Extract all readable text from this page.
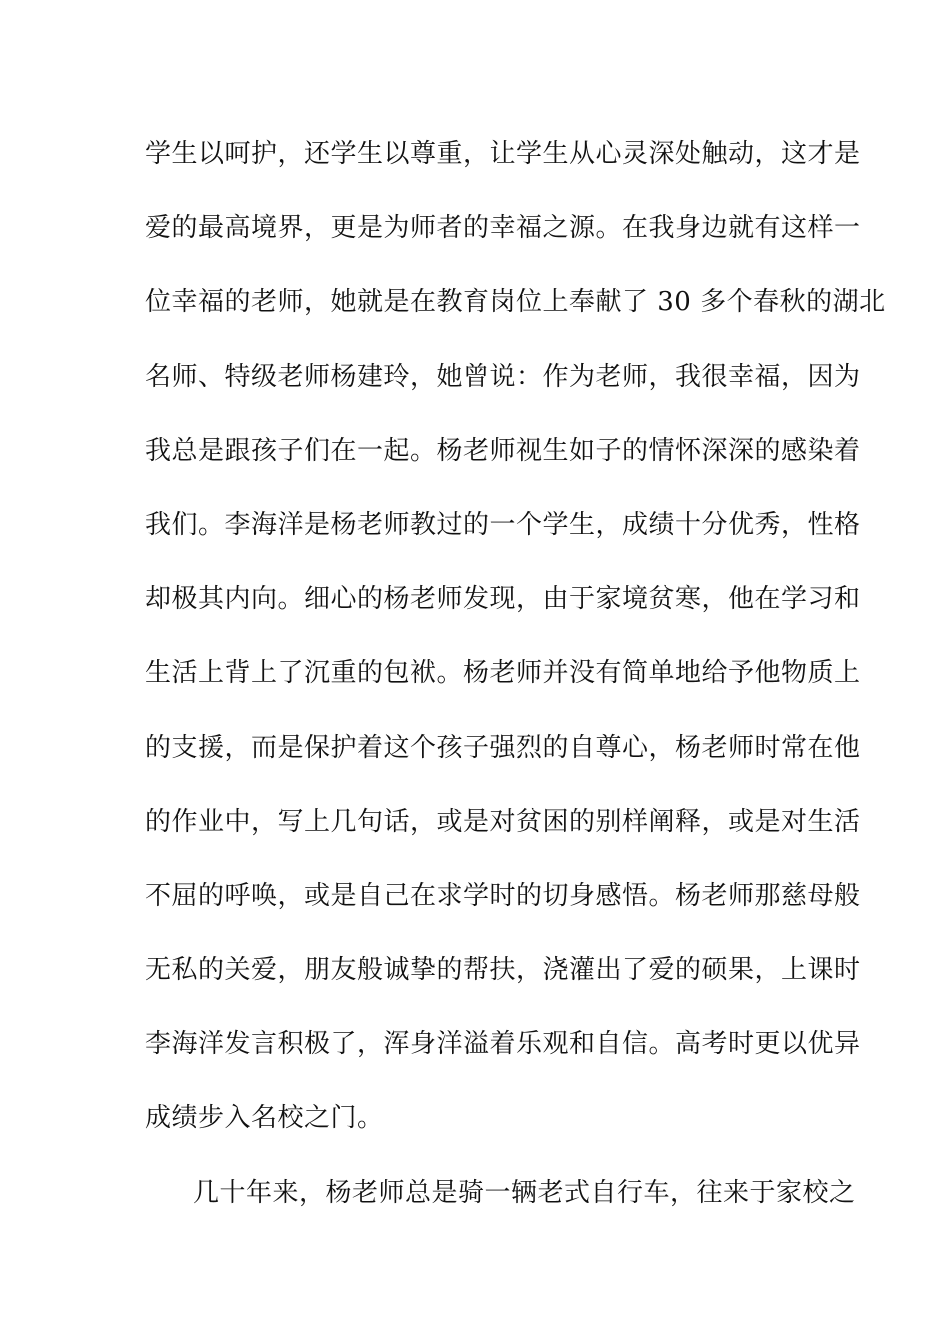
学生以呵护，还学生以尊重，让学生从心灵深处触动，这才是
爱的最高境界，更是为师者的幸福之源。在我身边就有这样一
位幸福的老师，她就是在教育岗位上奉献了 30 多个春秋的湖北
名师、特级老师杨建玲，她曾说：作为老师，我很幸福，因为
我总是跟孩子们在一起。杨老师视生如子的情怀深深的感染着
我们。李海洋是杨老师教过的一个学生，成绩十分优秀，性格
却极其内向。细心的杨老师发现，由于家境贫寒，他在学习和
生活上背上了沉重的包袱。杨老师并没有简单地给予他物质上
的支援，而是保护着这个孩子强烈的自尊心，杨老师时常在他
的作业中，写上几句话，或是对贫困的别样阐释，或是对生活
不屈的呼唤，或是自己在求学时的切身感悟。杨老师那慈母般
无私的关爱，朋友般诚挚的帮扶，浇灌出了爱的硕果，上课时
李海洋发言积极了，浑身洋溢着乐观和自信。高考时更以优异
成绩步入名校之门。
几十年来，杨老师总是骑一辆老式自行车，往来于家校之
